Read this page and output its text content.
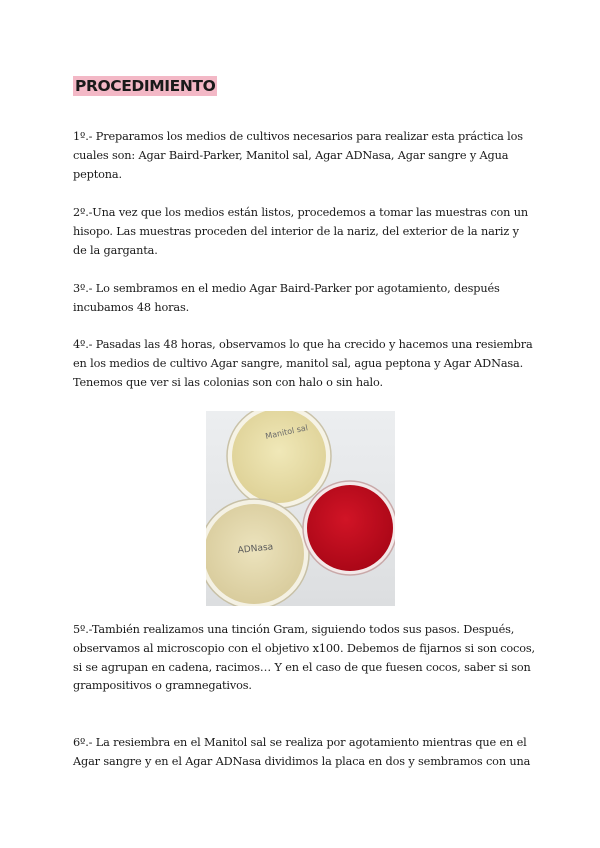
PROCEDIMIENTO

1º.- Preparamos los medios de cultivos necesarios para realizar esta práctica los cuales son: Agar Baird-Parker, Manitol sal, Agar ADNasa, Agar sangre y Agua peptona.

2º.-Una vez que los medios están listos, procedemos a tomar las muestras con un hisopo. Las muestras proceden del interior de la nariz, del exterior de la nariz y de la garganta.

3º.- Lo sembramos en el medio Agar Baird-Parker por agotamiento, después incubamos 48 horas.

4º.- Pasadas las 48 horas, observamos lo que ha crecido y hacemos una resiembra en los medios de cultivo Agar sangre, manitol sal, agua peptona y Agar ADNasa. Tenemos que ver si las colonias son con halo o sin halo.

Manitol sal
ADNasa

5º.-También realizamos una tinción Gram, siguiendo todos sus pasos. Después, observamos al microscopio con el objetivo x100. Debemos de fijarnos si son cocos, si se agrupan en cadena, racimos… Y en el caso de que fuesen cocos, saber si son grampositivos o gramnegativos.

6º.- La resiembra en el Manitol sal se realiza por agotamiento mientras que en el Agar sangre y en el Agar ADNasa dividimos la placa en dos y sembramos con una
